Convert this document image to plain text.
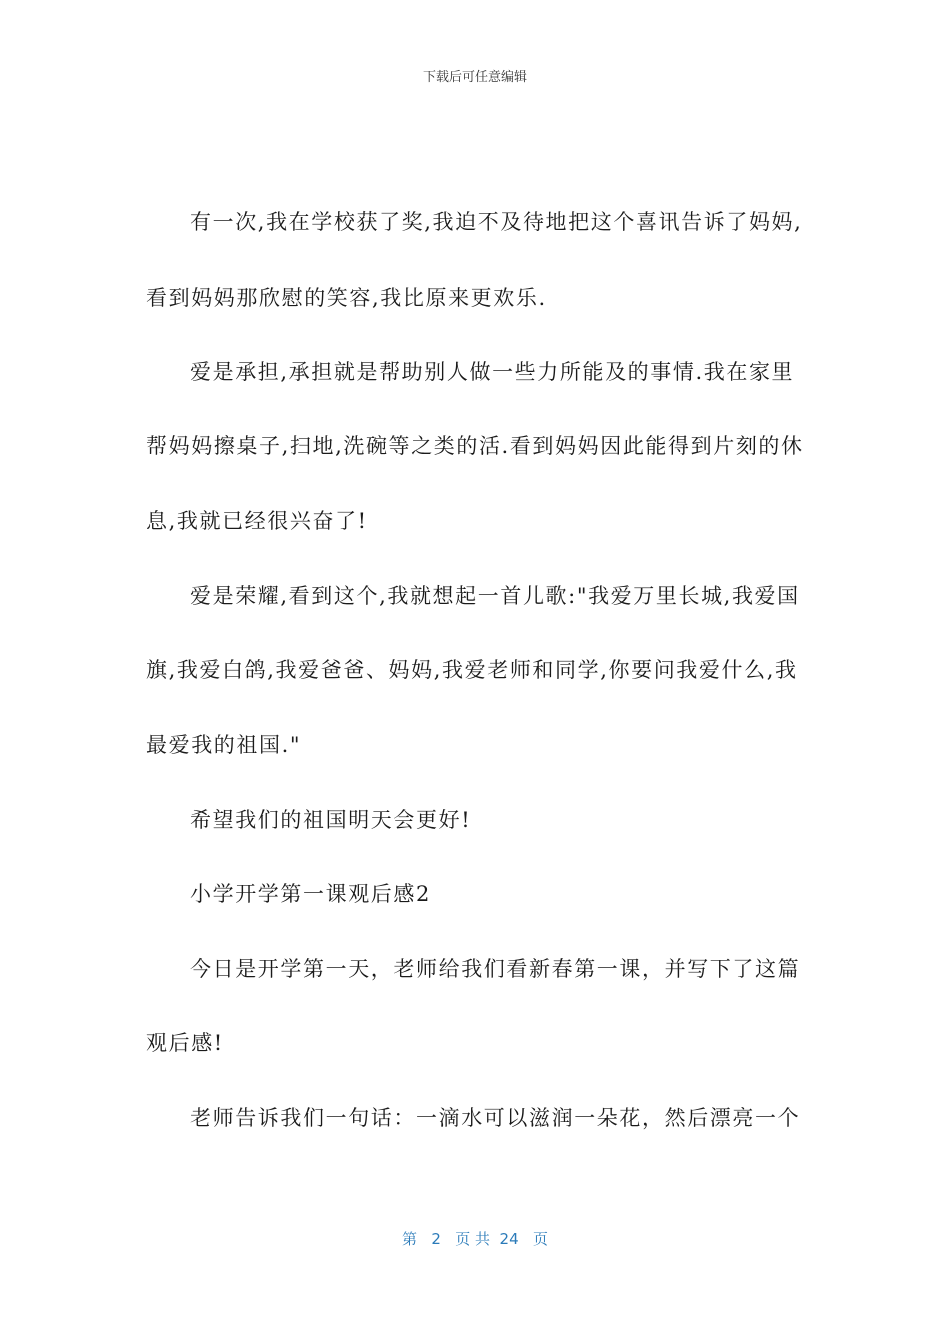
下载后可任意编辑
有一次,我在学校获了奖,我迫不及待地把这个喜讯告诉了妈妈,
看到妈妈那欣慰的笑容,我比原来更欢乐.
爱是承担,承担就是帮助别人做一些力所能及的事情.我在家里
帮妈妈擦桌子,扫地,洗碗等之类的活.看到妈妈因此能得到片刻的休
息,我就已经很兴奋了!
爱是荣耀,看到这个,我就想起一首儿歌:"我爱万里长城,我爱国
旗,我爱白鸽,我爱爸爸、妈妈,我爱老师和同学,你要问我爱什么,我
最爱我的祖国."
希望我们的祖国明天会更好!
小学开学第一课观后感2
今日是开学第一天，老师给我们看新春第一课，并写下了这篇
观后感!
老师告诉我们一句话：一滴水可以滋润一朵花，然后漂亮一个
第 2 页 共 24 页
